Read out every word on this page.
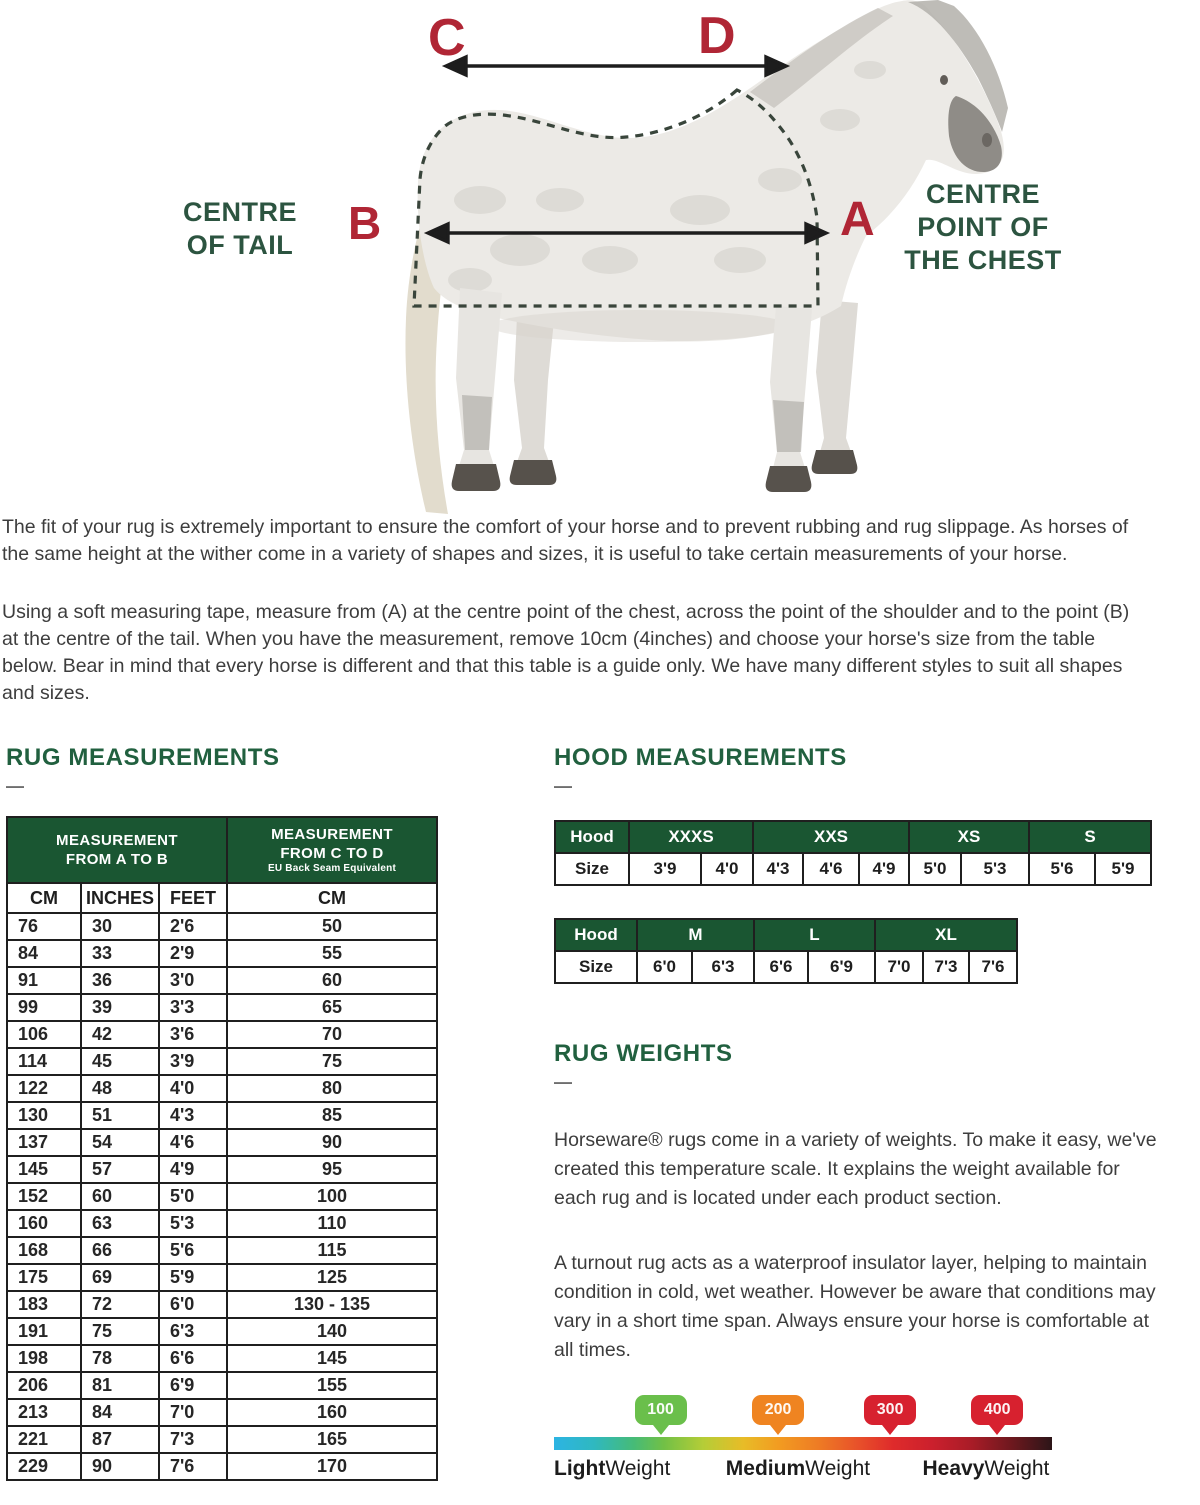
C	D
B	A
CENTRE
OF TAIL
CENTRE
POINT OF
THE CHEST

The fit of your rug is extremely important to ensure the comfort of your horse and to prevent rubbing and rug slippage. As horses of the same height at the wither come in a variety of shapes and sizes, it is useful to take certain measurements of your horse.

Using a soft measuring tape, measure from (A) at the centre point of the chest, across the point of the shoulder and to the point (B) at the centre of the tail. When you have the measurement, remove 10cm (4inches) and choose your horse's size from the table below. Bear in mind that every horse is different and that this table is a guide only. We have many different styles to suit all shapes and sizes.

RUG MEASUREMENTS
—
MEASUREMENT
FROM A TO B			MEASUREMENT
FROM C TO D
EU Back Seam Equivalent

CM	INCHES	FEET	CM
76	30	2'6	50
84	33	2'9	55
91	36	3'0	60
99	39	3'3	65
106	42	3'6	70
114	45	3'9	75
122	48	4'0	80
130	51	4'3	85
137	54	4'6	90
145	57	4'9	95
152	60	5'0	100
160	63	5'3	110
168	66	5'6	115
175	69	5'9	125
183	72	6'0	130 - 135
191	75	6'3	140
198	78	6'6	145
206	81	6'9	155
213	84	7'0	160
221	87	7'3	165
229	90	7'6	170
HOOD MEASUREMENTS
—
Hood	XXXS		XXS			XS		S	
Size	3'9	4'0	4'3	4'6	4'9	5'0	5'3	5'6	5'9
Hood	M		L		XL		
Size	6'0	6'3	6'6	6'9	7'0	7'3	7'6
RUG WEIGHTS
—

Horseware® rugs come in a variety of weights. To make it easy, we've created this temperature scale. It explains the weight available for each rug and is located under each product section.

A turnout rug acts as a waterproof insulator layer, helping to maintain condition in cold, wet weather. However be aware that conditions may vary in a short time span. Always ensure your horse is comfortable at all times.

100	200	300	400
LightWeight	MediumWeight HeavyWeight
